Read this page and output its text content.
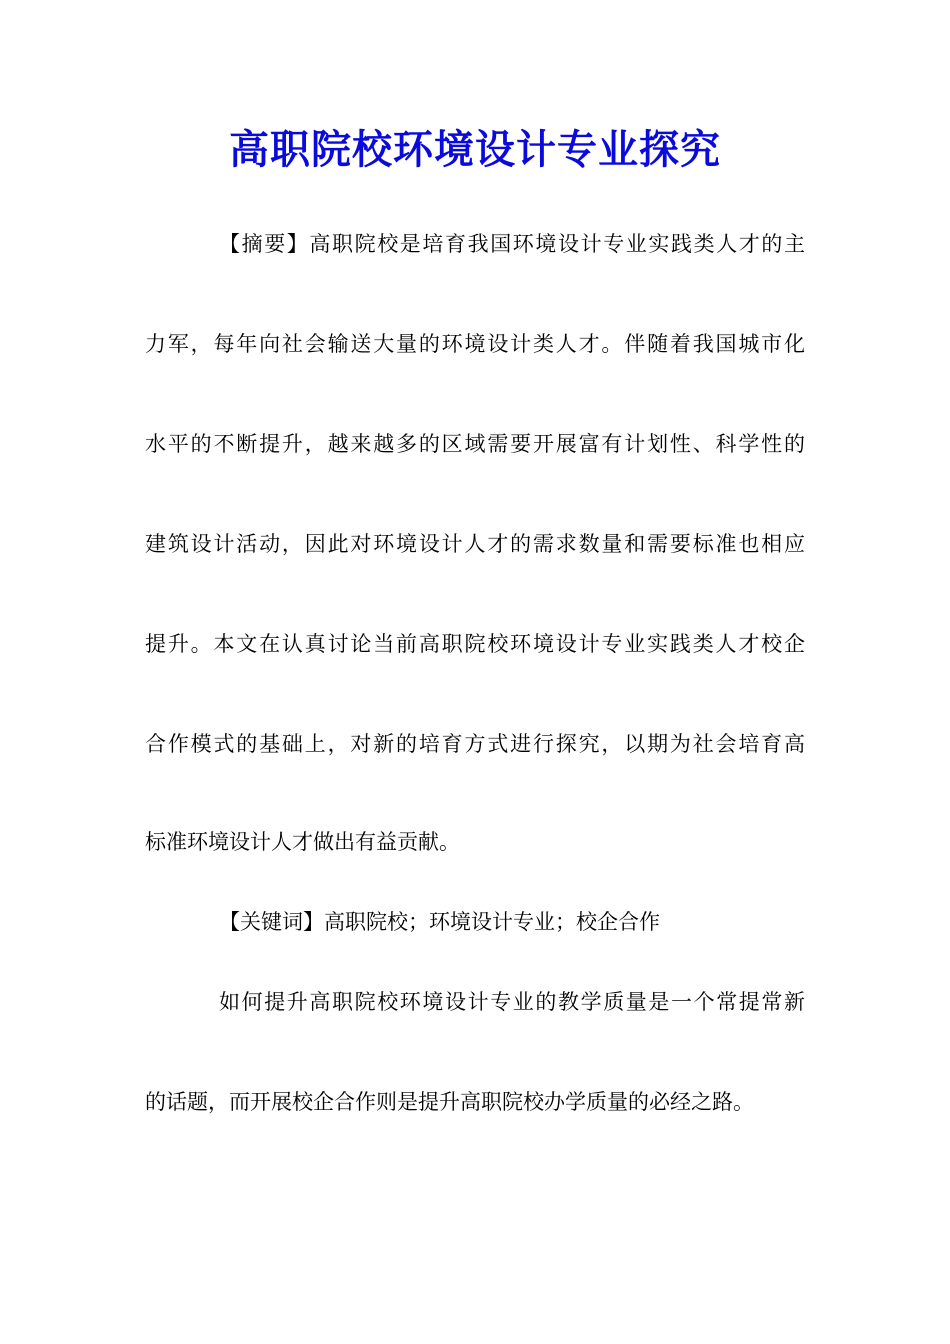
高职院校环境设计专业探究
【摘要】高职院校是培育我国环境设计专业实践类人才的主
力军，每年向社会输送大量的环境设计类人才。伴随着我国城市化
水平的不断提升，越来越多的区域需要开展富有计划性、科学性的
建筑设计活动，因此对环境设计人才的需求数量和需要标准也相应
提升。本文在认真讨论当前高职院校环境设计专业实践类人才校企
合作模式的基础上，对新的培育方式进行探究，以期为社会培育高
标准环境设计人才做出有益贡献。
【关键词】高职院校；环境设计专业；校企合作
如何提升高职院校环境设计专业的教学质量是一个常提常新
的话题，而开展校企合作则是提升高职院校办学质量的必经之路。
